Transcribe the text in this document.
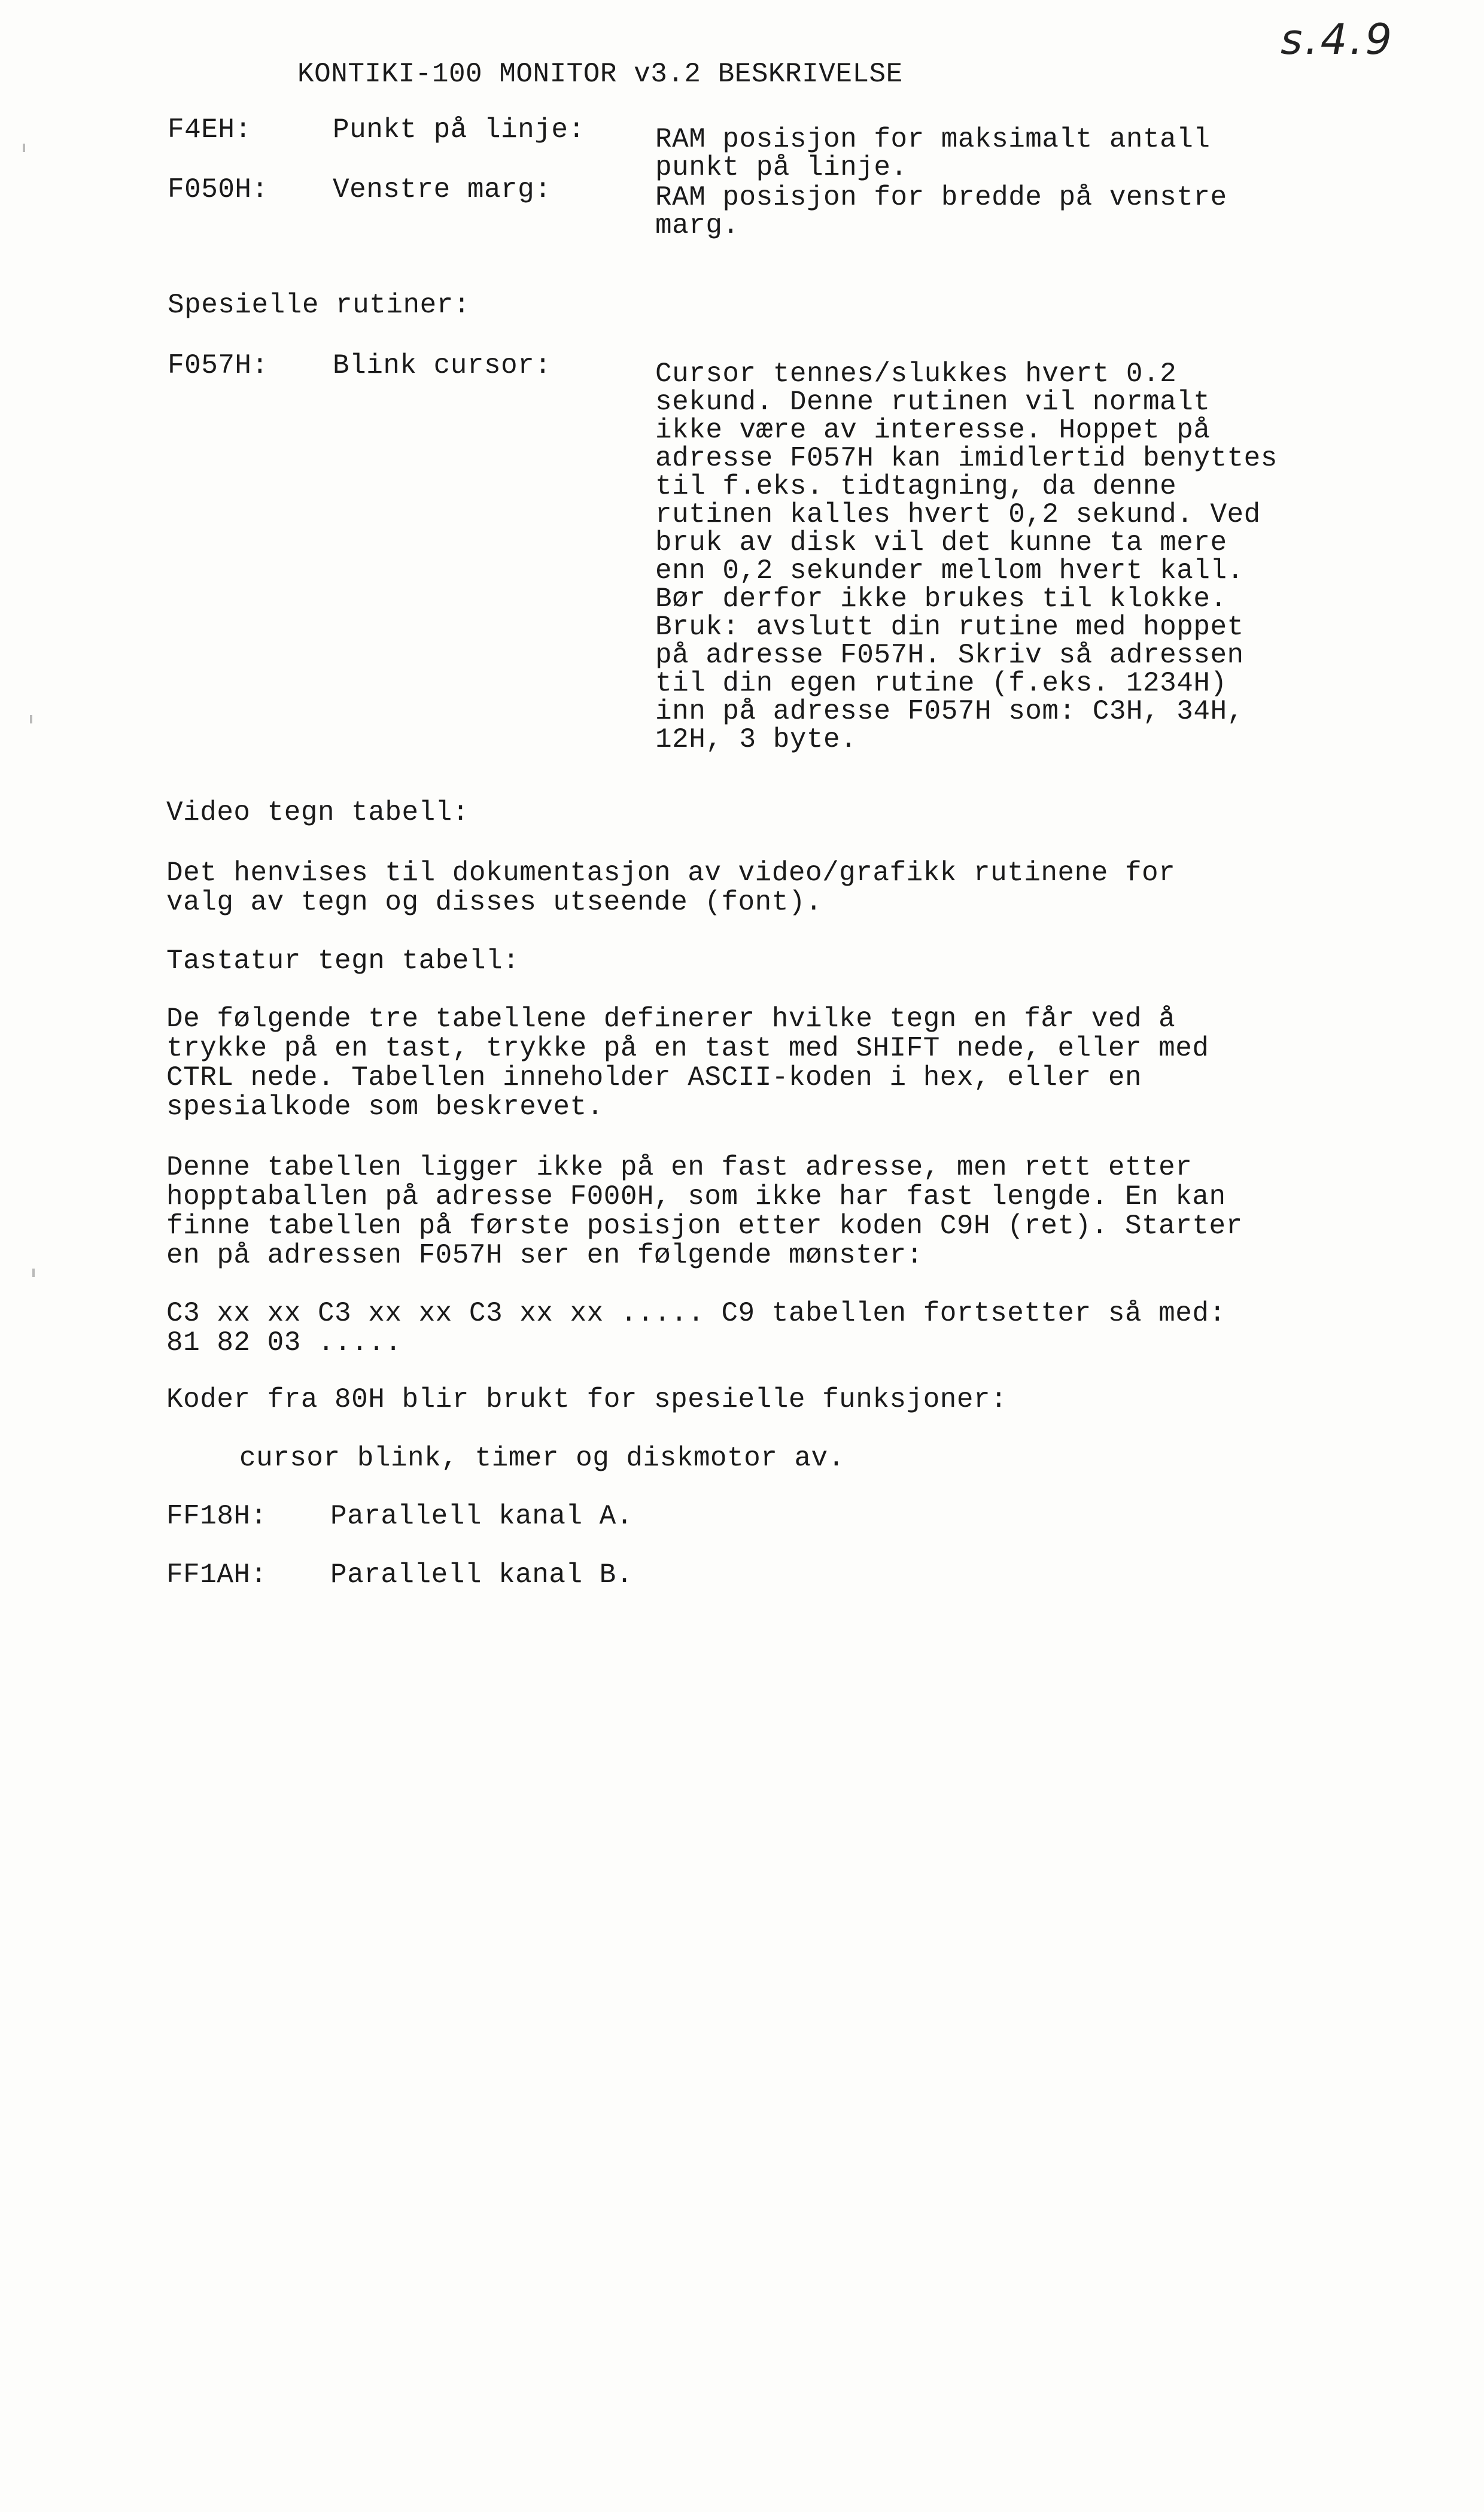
s.4.9
KONTIKI-100 MONITOR v3.2 BESKRIVELSE
F4EH:	Punkt på linje:	RAM posisjon for maksimalt antall
punkt på linje.
F050H: Venstre marg:	RAM posisjon for bredde på venstre
marg.
Spesielle rutiner:
F057H: Blink cursor:	Cursor tennes/slukkes hvert 0.2
sekund. Denne rutinen vil normalt
ikke være av interesse. Hoppet på
adresse F057H kan imidlertid benyttes
til f.eks. tidtagning, da denne
rutinen kalles hvert 0,2 sekund. Ved
bruk av disk vil det kunne ta mere
enn 0,2 sekunder mellom hvert kall.
Bør derfor ikke brukes til klokke.
Bruk: avslutt din rutine med hoppet
på adresse F057H. Skriv så adressen
til din egen rutine (f.eks. 1234H)
inn på adresse F057H som: C3H, 34H,
12H, 3 byte.
Video tegn tabell:
Det henvises til dokumentasjon av video/grafikk rutinene for
valg av tegn og disses utseende (font).
Tastatur tegn tabell:
De følgende tre tabellene definerer hvilke tegn en får ved å
trykke på en tast, trykke på en tast med SHIFT nede, eller med
CTRL nede. Tabellen inneholder ASCII-koden i hex, eller en
spesialkode som beskrevet.
Denne tabellen ligger ikke på en fast adresse, men rett etter
hopptaballen på adresse F000H, som ikke har fast lengde. En kan
finne tabellen på første posisjon etter koden C9H (ret). Starter
en på adressen F057H ser en følgende mønster:
C3 xx xx C3 xx xx C3 xx xx ..... C9 tabellen fortsetter så med:
81 82 03 .....
Koder fra 80H blir brukt for spesielle funksjoner:
cursor blink, timer og diskmotor av.
FF18H: Parallell kanal A.
FF1AH: Parallell kanal B.
